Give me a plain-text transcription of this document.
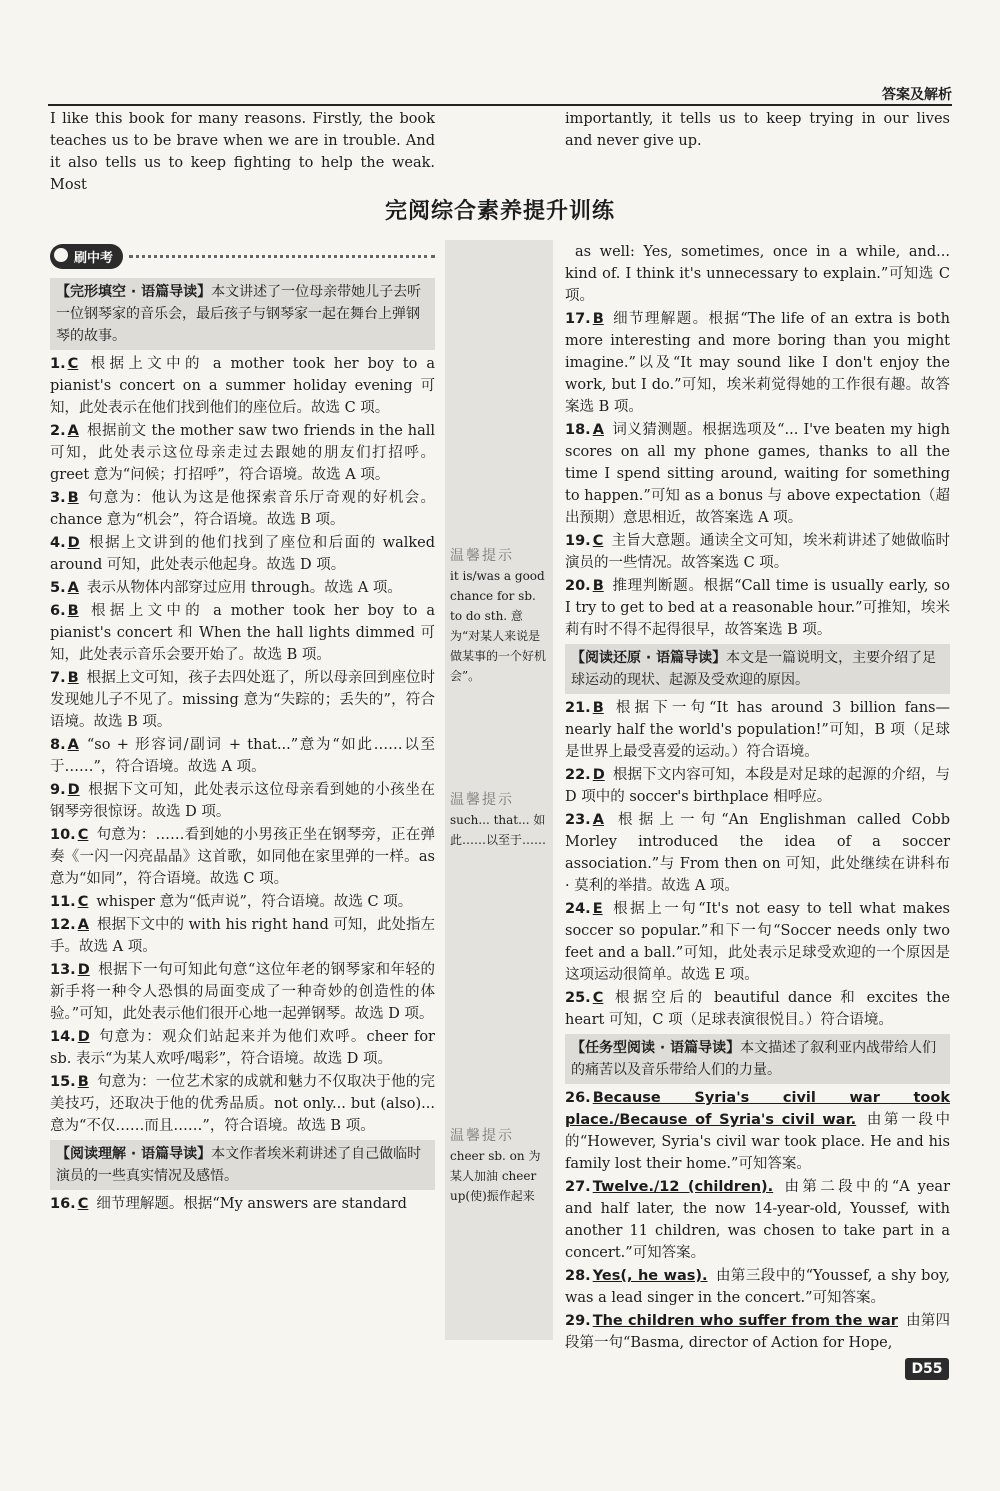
答案及解析
I like this book for many reasons. Firstly, the book teaches us to be brave when we are in trouble. And it also tells us to keep fighting to help the weak. Most
importantly, it tells us to keep trying in our lives and never give up.
完阅综合素养提升训练
温馨提示
it is/was a good chance for sb. to do sth. 意为“对某人来说是做某事的一个好机会”。
温馨提示
such... that... 如此……以至于……
温馨提示
cheer sb. on 为某人加油 cheer up(使)振作起来
刷中考
【完形填空 · 语篇导读】本文讲述了一位母亲带她儿子去听一位钢琴家的音乐会，最后孩子与钢琴家一起在舞台上弹钢琴的故事。
1. C 根据上文中的 a mother took her boy to a pianist's concert on a summer holiday evening 可知，此处表示在他们找到他们的座位后。故选 C 项。
2. A 根据前文 the mother saw two friends in the hall 可知，此处表示这位母亲走过去跟她的朋友们打招呼。greet 意为“问候；打招呼”，符合语境。故选 A 项。
3. B 句意为：他认为这是他探索音乐厅奇观的好机会。chance 意为“机会”，符合语境。故选 B 项。
4. D 根据上文讲到的他们找到了座位和后面的 walked around 可知，此处表示他起身。故选 D 项。
5. A 表示从物体内部穿过应用 through。故选 A 项。
6. B 根据上文中的 a mother took her boy to a pianist's concert 和 When the hall lights dimmed 可知，此处表示音乐会要开始了。故选 B 项。
7. B 根据上文可知，孩子去四处逛了，所以母亲回到座位时发现她儿子不见了。missing 意为“失踪的；丢失的”，符合语境。故选 B 项。
8. A “so + 形容词/副词 + that...”意为“如此……以至于……”，符合语境。故选 A 项。
9. D 根据下文可知，此处表示这位母亲看到她的小孩坐在钢琴旁很惊讶。故选 D 项。
10. C 句意为：……看到她的小男孩正坐在钢琴旁，正在弹奏《一闪一闪亮晶晶》这首歌，如同他在家里弹的一样。as 意为“如同”，符合语境。故选 C 项。
11. C whisper 意为“低声说”，符合语境。故选 C 项。
12. A 根据下文中的 with his right hand 可知，此处指左手。故选 A 项。
13. D 根据下一句可知此句意“这位年老的钢琴家和年轻的新手将一种令人恐惧的局面变成了一种奇妙的创造性的体验。”可知，此处表示他们很开心地一起弹钢琴。故选 D 项。
14. D 句意为：观众们站起来并为他们欢呼。cheer for sb. 表示“为某人欢呼/喝彩”，符合语境。故选 D 项。
15. B 句意为：一位艺术家的成就和魅力不仅取决于他的完美技巧，还取决于他的优秀品质。not only... but (also)... 意为“不仅……而且……”，符合语境。故选 B 项。
【阅读理解 · 语篇导读】本文作者埃米莉讲述了自己做临时演员的一些真实情况及感悟。
16. C 细节理解题。根据“My answers are standard
as well: Yes, sometimes, once in a while, and... kind of. I think it's unnecessary to explain.”可知选 C 项。
17. B 细节理解题。根据“The life of an extra is both more interesting and more boring than you might imagine.”以及“It may sound like I don't enjoy the work, but I do.”可知，埃米莉觉得她的工作很有趣。故答案选 B 项。
18. A 词义猜测题。根据选项及“... I've beaten my high scores on all my phone games, thanks to all the time I spend sitting around, waiting for something to happen.”可知 as a bonus 与 above expectation（超出预期）意思相近，故答案选 A 项。
19. C 主旨大意题。通读全文可知，埃米莉讲述了她做临时演员的一些情况。故答案选 C 项。
20. B 推理判断题。根据“Call time is usually early, so I try to get to bed at a reasonable hour.”可推知，埃米莉有时不得不起得很早，故答案选 B 项。
【阅读还原 · 语篇导读】本文是一篇说明文，主要介绍了足球运动的现状、起源及受欢迎的原因。
21. B 根据下一句“It has around 3 billion fans—nearly half the world's population!”可知，B 项（足球是世界上最受喜爱的运动。）符合语境。
22. D 根据下文内容可知，本段是对足球的起源的介绍，与 D 项中的 soccer's birthplace 相呼应。
23. A 根据上一句“An Englishman called Cobb Morley introduced the idea of a soccer association.”与 From then on 可知，此处继续在讲科布 · 莫利的举措。故选 A 项。
24. E 根据上一句“It's not easy to tell what makes soccer so popular.”和下一句“Soccer needs only two feet and a ball.”可知，此处表示足球受欢迎的一个原因是这项运动很简单。故选 E 项。
25. C 根据空后的 beautiful dance 和 excites the heart 可知，C 项（足球表演很悦目。）符合语境。
【任务型阅读 · 语篇导读】本文描述了叙利亚内战带给人们的痛苦以及音乐带给人们的力量。
26. Because Syria's civil war took place./Because of Syria's civil war. 由第一段中的“However, Syria's civil war took place. He and his family lost their home.”可知答案。
27. Twelve./12 (children). 由第二段中的“A year and half later, the now 14-year-old, Youssef, with another 11 children, was chosen to take part in a concert.”可知答案。
28. Yes(, he was). 由第三段中的“Youssef, a shy boy, was a lead singer in the concert.”可知答案。
29. The children who suffer from the war 由第四段第一句“Basma, director of Action for Hope,
D55
